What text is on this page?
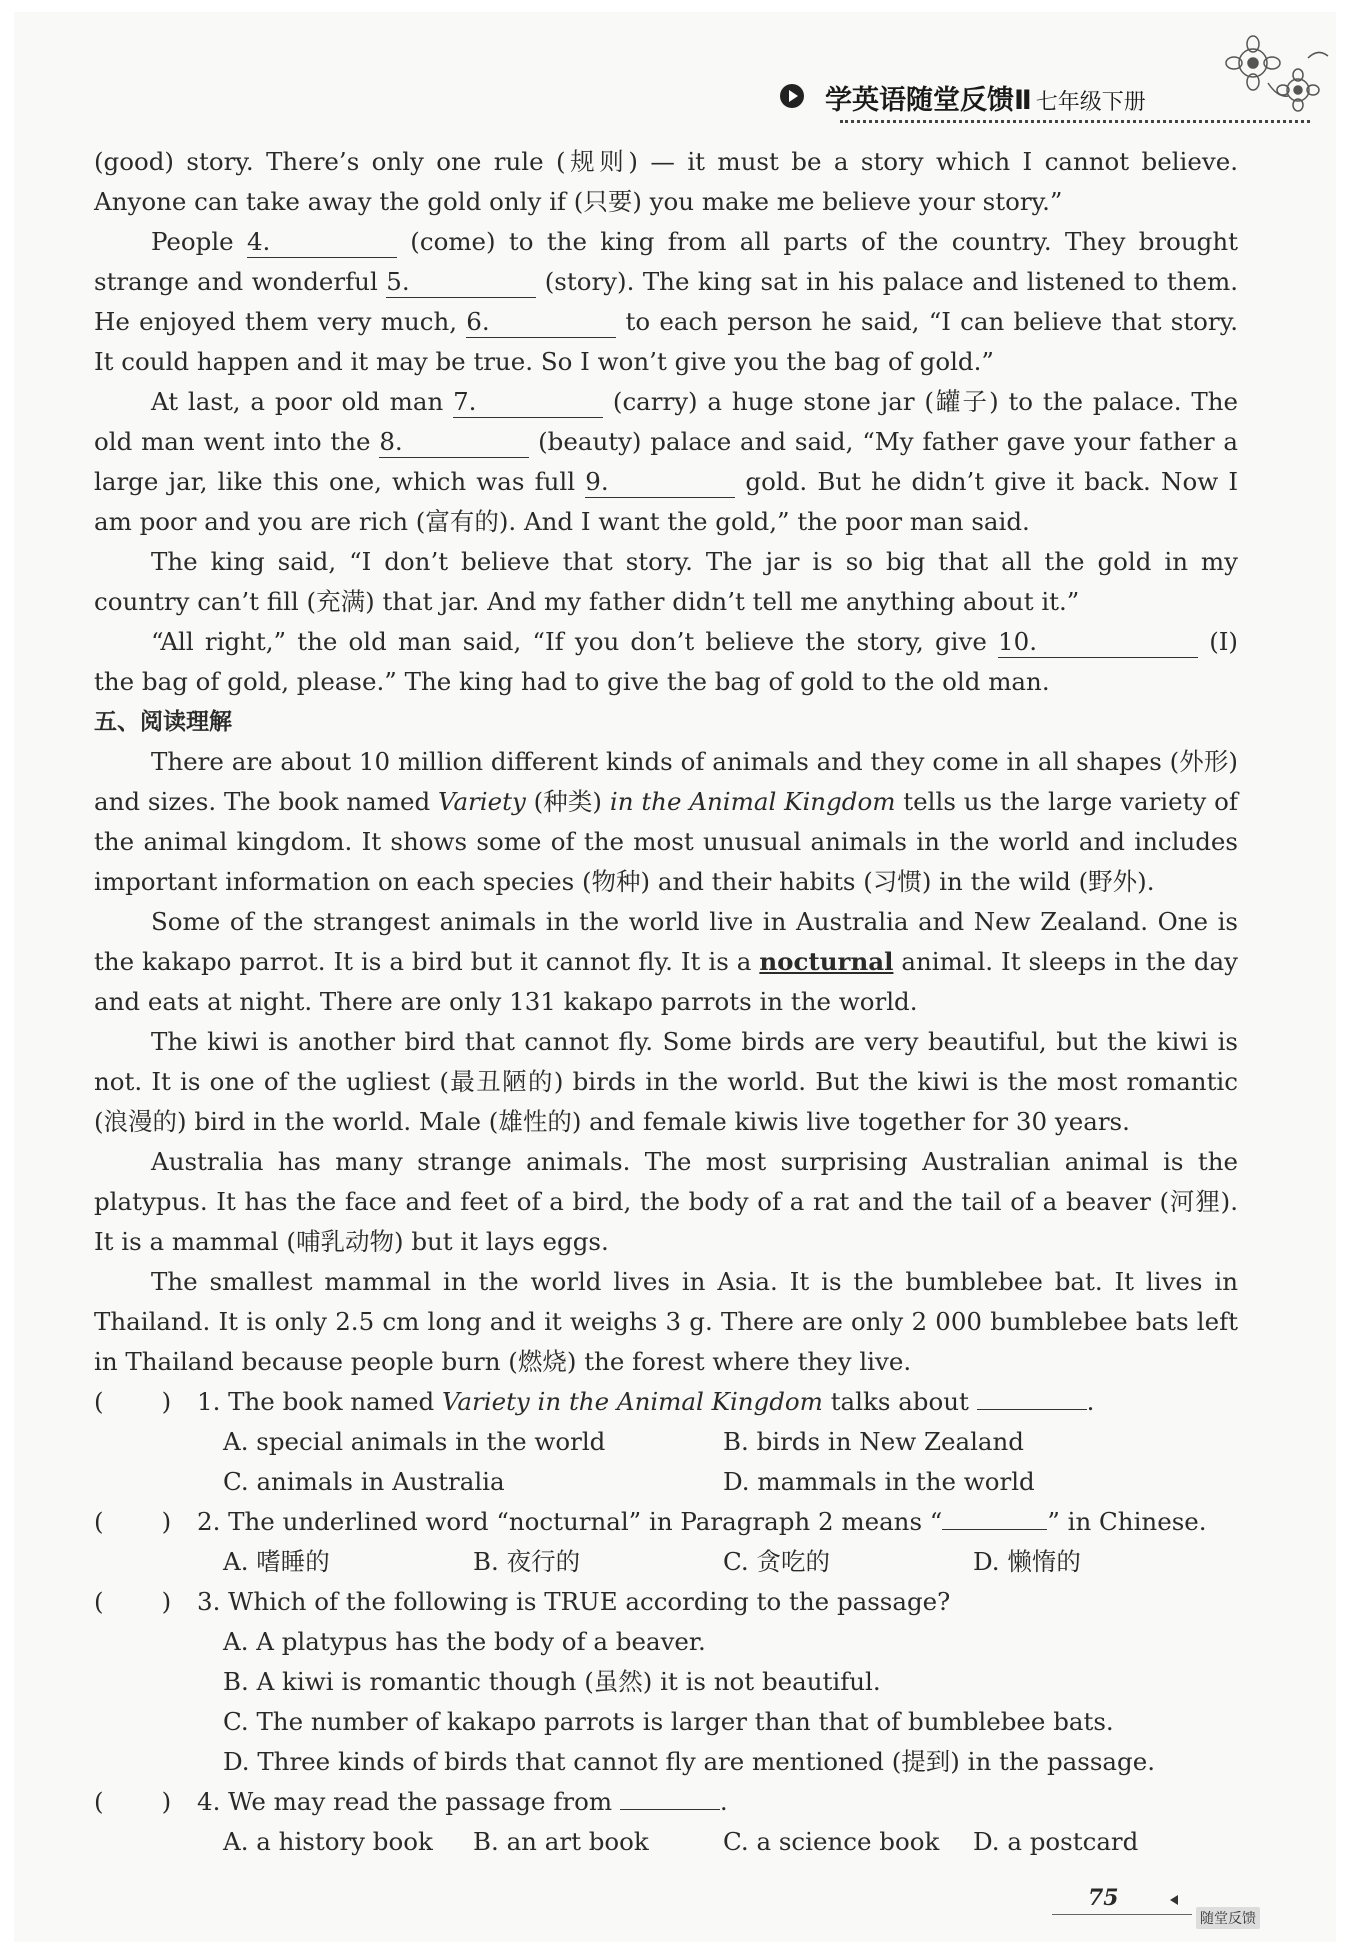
学英语随堂反馈Ⅱ 七年级下册

(good) story. There’s only one rule (规则) — it must be a story which I cannot believe. Anyone can take away the gold only if (只要) you make me believe your story.”

People 4.	(come) to the king from all parts of the country. They brought strange and wonderful 5.	(story). The king sat in his palace and listened to them. He enjoyed them very much, 6.	to each person he said, “I can believe that story. It could happen and it may be true. So I won’t give you the bag of gold.”

At last, a poor old man 7.	(carry) a huge stone jar (罐子) to the palace. The old man went into the 8.	(beauty) palace and said, “My father gave your father a large jar, like this one, which was full 9.	gold. But he didn’t give it back. Now I am poor and you are rich (富有的). And I want the gold,” the poor man said.

The king said, “I don’t believe that story. The jar is so big that all the gold in my country can’t fill (充满) that jar. And my father didn’t tell me anything about it.”

“All right,” the old man said, “If you don’t believe the story, give 10.	(I) the bag of gold, please.” The king had to give the bag of gold to the old man.

五、阅读理解

There are about 10 million different kinds of animals and they come in all shapes (外形) and sizes. The book named Variety (种类) in the Animal Kingdom tells us the large variety of the animal kingdom. It shows some of the most unusual animals in the world and includes important information on each species (物种) and their habits (习惯) in the wild (野外).

Some of the strangest animals in the world live in Australia and New Zealand. One is the kakapo parrot. It is a bird but it cannot fly. It is a nocturnal animal. It sleeps in the day and eats at night. There are only 131 kakapo parrots in the world.

The kiwi is another bird that cannot fly. Some birds are very beautiful, but the kiwi is not. It is one of the ugliest (最丑陋的) birds in the world. But the kiwi is the most romantic (浪漫的) bird in the world. Male (雄性的) and female kiwis live together for 30 years.

Australia has many strange animals. The most surprising Australian animal is the platypus. It has the face and feet of a bird, the body of a rat and the tail of a beaver (河狸). It is a mammal (哺乳动物) but it lays eggs.

The smallest mammal in the world lives in Asia. It is the bumblebee bat. It lives in Thailand. It is only 2.5 cm long and it weighs 3 g. There are only 2 000 bumblebee bats left in Thailand because people burn (燃烧) the forest where they live.

( ) 1. The book named Variety in the Animal Kingdom talks about	.

A. special animals in the world	B. birds in New Zealand
C. animals in Australia	D. mammals in the world

( ) 2. The underlined word “nocturnal” in Paragraph 2 means “	” in Chinese.

A. 嗜睡的	B. 夜行的	C. 贪吃的	D. 懒惰的

( ) 3. Which of the following is TRUE according to the passage?

A. A platypus has the body of a beaver.
B. A kiwi is romantic though (虽然) it is not beautiful.
C. The number of kakapo parrots is larger than that of bumblebee bats.
D. Three kinds of birds that cannot fly are mentioned (提到) in the passage.

( ) 4. We may read the passage from	.

A. a history book	B. an art book	C. a science book	D. a postcard
75
随堂反馈
